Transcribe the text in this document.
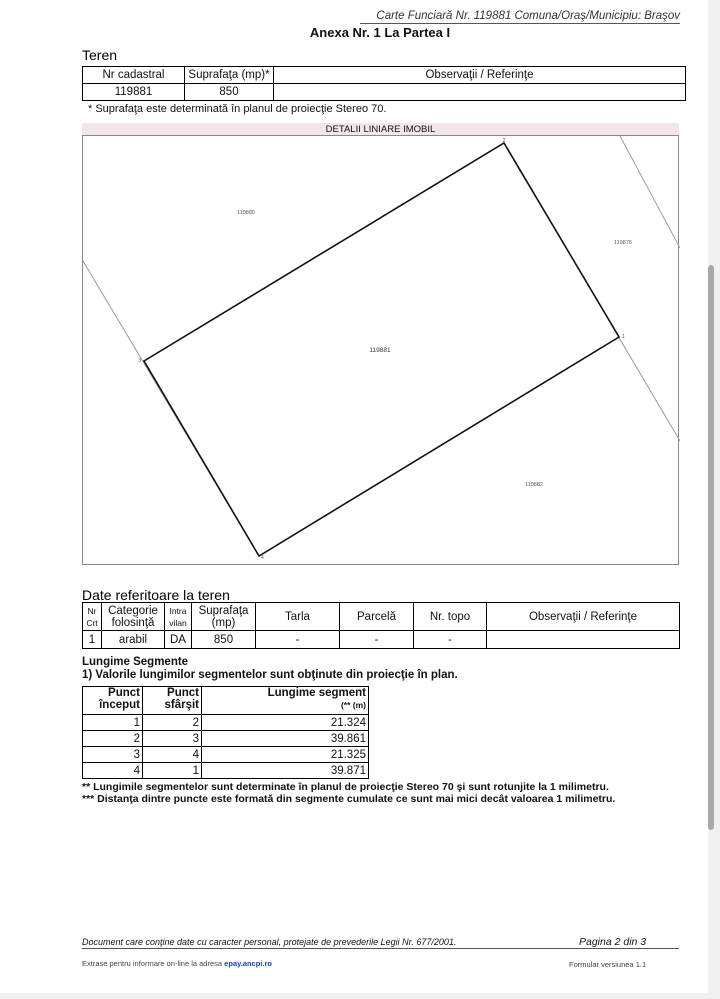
Carte Funciară Nr. 119881 Comuna/Oraş/Municipiu: Braşov
Anexa Nr. 1 La Partea I
Teren
Nr cadastral	Suprafaţa (mp)*	Observaţii / Referinţe
119881	850	
* Suprafaţa este determinată în planul de proiecţie Stereo 70.
DETALII LINIARE IMOBIL
2
1
3
4
119881
119880
119876
119882
Date referitoare la teren
Nr Crt	Categorie folosinţă	Intra vilan	Suprafaţa (mp)	Tarla	Parcelă	Nr. topo	Observaţii / Referinţe
1	arabil	DA	850	-	-	-	
Lungime Segmente
1) Valorile lungimilor segmentelor sunt obţinute din proiecţie în plan.
Punct început	Punct sfârşit	Lungime segment
(** (m)

1	2	21.324
2	3	39.861
3	4	21.325
4	1	39.871
** Lungimile segmentelor sunt determinate în planul de proiecţie Stereo 70 şi sunt rotunjite la 1 milimetru.
*** Distanţa dintre puncte este formată din segmente cumulate ce sunt mai mici decât valoarea 1 milimetru.
Document care conţine date cu caracter personal, protejate de prevederile Legii Nr. 677/2001.	Pagina 2 din 3
Extrase pentru informare on-line la adresa epay.ancpi.ro	Formular versiunea 1.1
